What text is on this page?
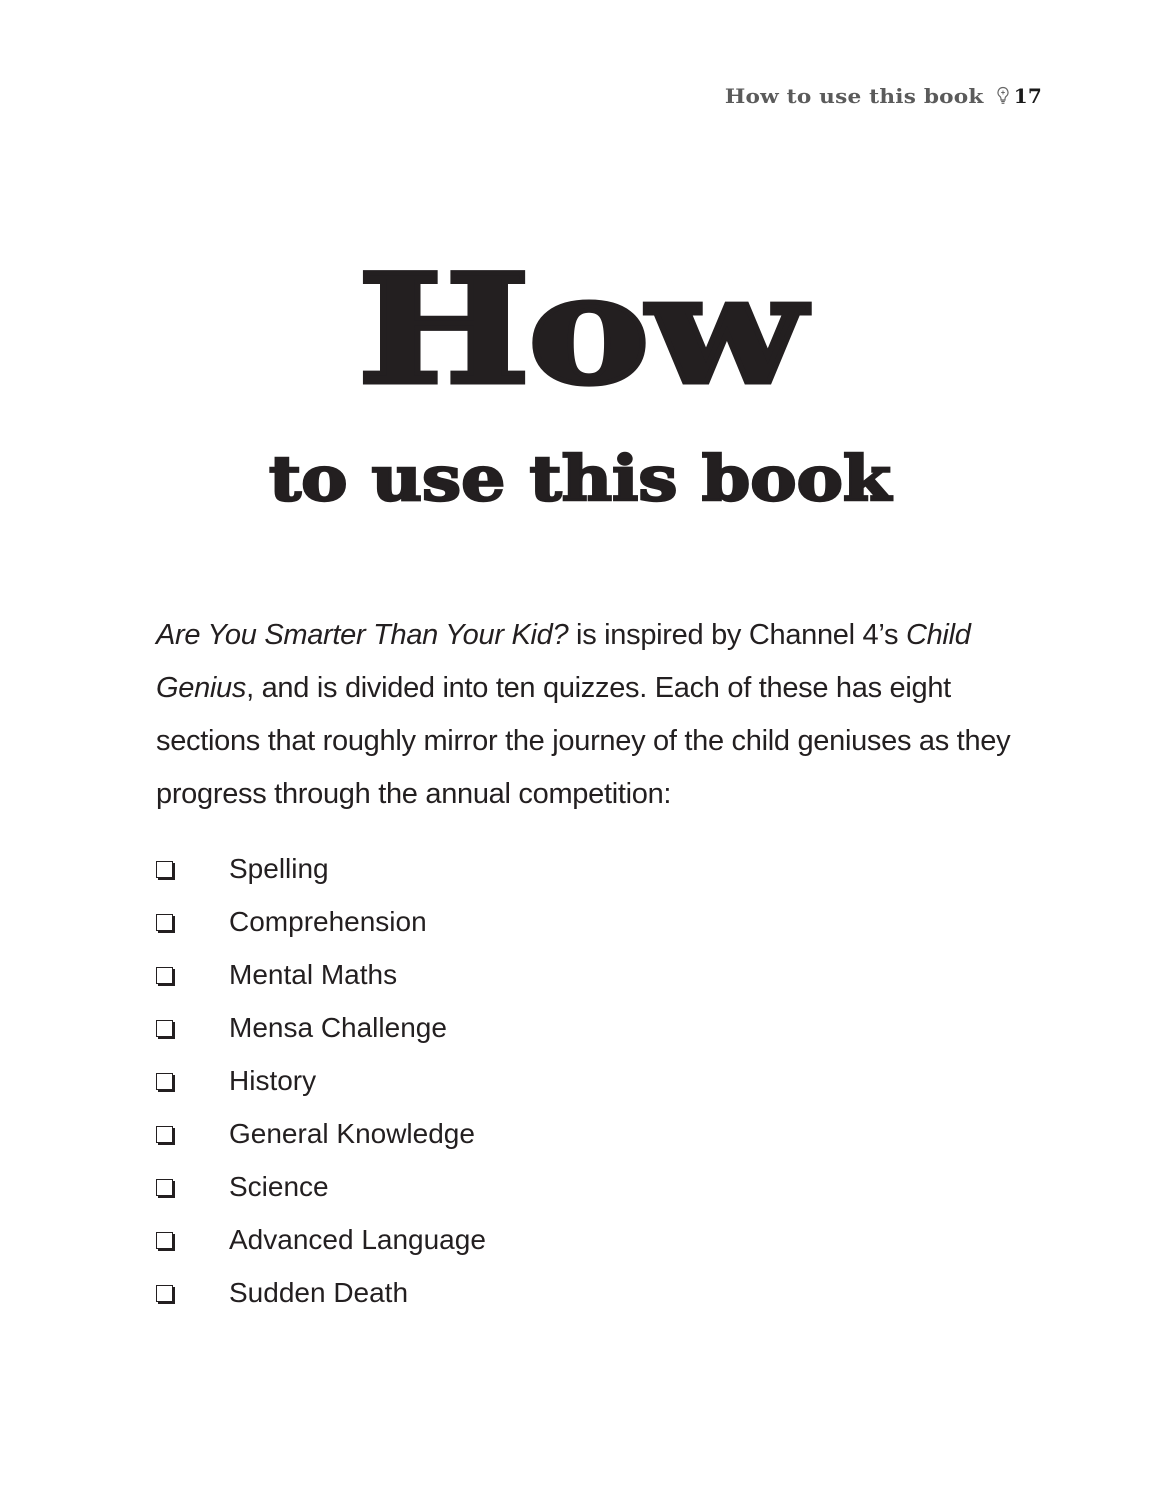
How to use this book 17
How
to use this book

Are You Smarter Than Your Kid? is inspired by Channel 4’s Child Genius, and is divided into ten quizzes. Each of these has eight sections that roughly mirror the journey of the child geniuses as they progress through the annual competition:

Spelling
Comprehension
Mental Maths
Mensa Challenge
History
General Knowledge
Science
Advanced Language
Sudden Death
